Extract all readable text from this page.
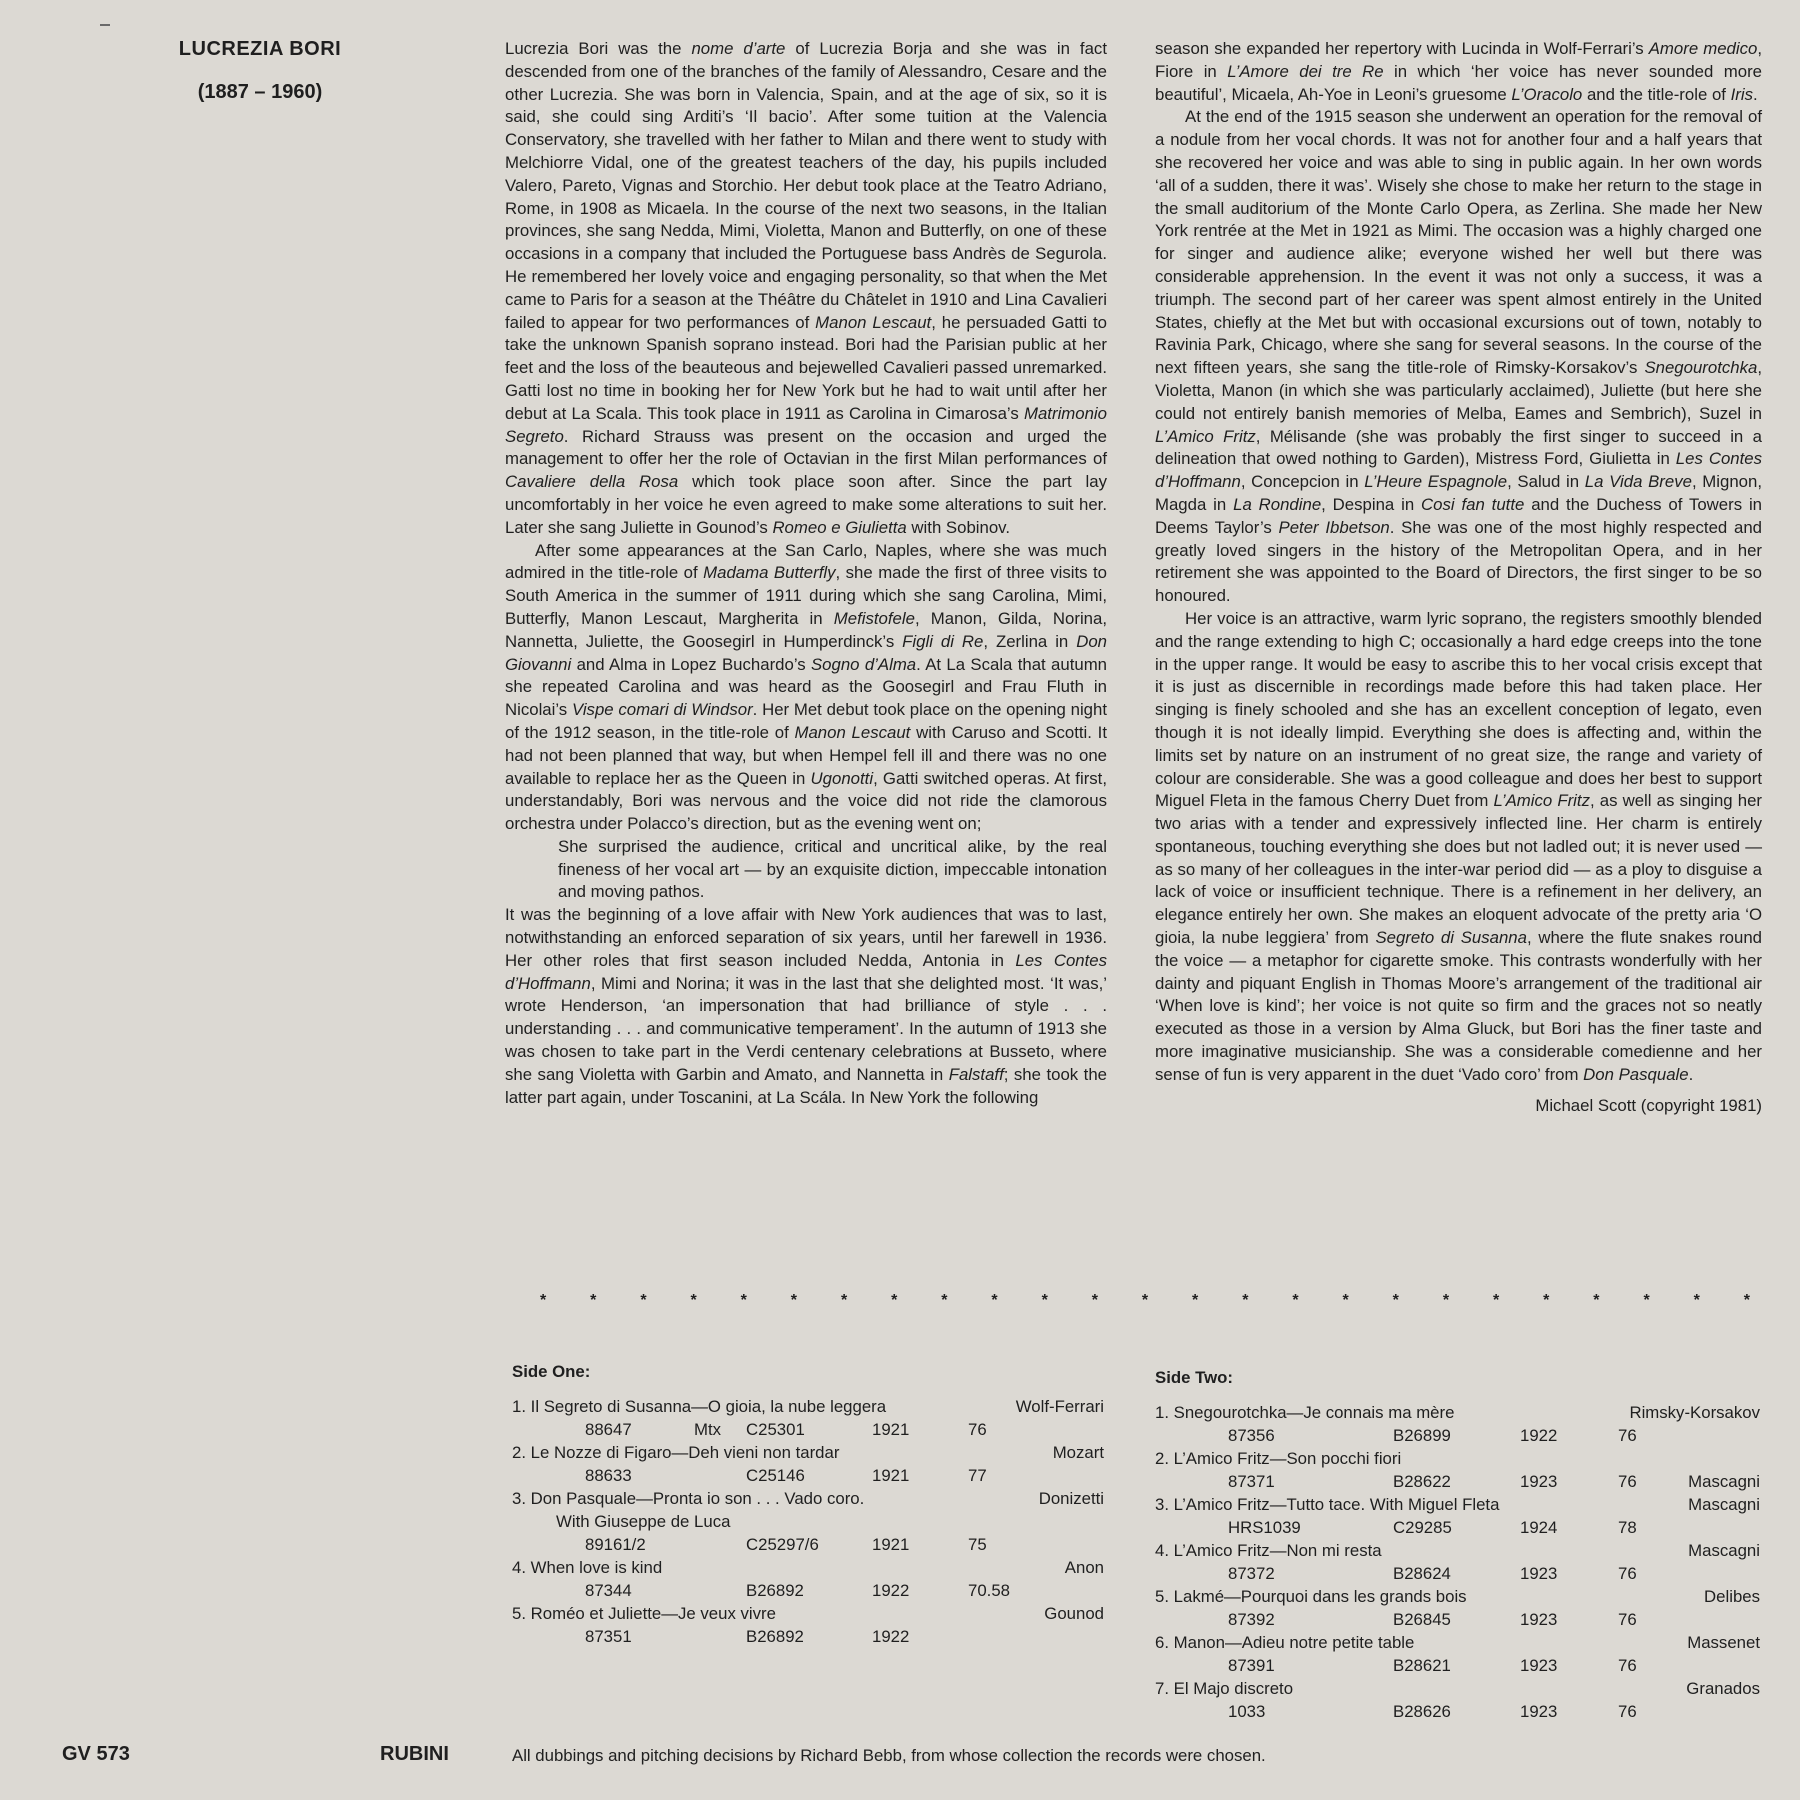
LUCREZIA BORI
(1887 – 1960)

Lucrezia Bori was the nome d’arte of Lucrezia Borja and she was in fact descended from one of the branches of the family of Alessandro, Cesare and the other Lucrezia. She was born in Valencia, Spain, and at the age of six, so it is said, she could sing Arditi’s ‘Il bacio’. After some tuition at the Valencia Conservatory, she travelled with her father to Milan and there went to study with Melchiorre Vidal, one of the greatest teachers of the day, his pupils included Valero, Pareto, Vignas and Storchio. Her debut took place at the Teatro Adriano, Rome, in 1908 as Micaela. In the course of the next two seasons, in the Italian provinces, she sang Nedda, Mimi, Violetta, Manon and Butterfly, on one of these occasions in a company that included the Portuguese bass Andrès de Segurola. He remembered her lovely voice and engaging personality, so that when the Met came to Paris for a season at the Théâtre du Châtelet in 1910 and Lina Cavalieri failed to appear for two performances of Manon Lescaut, he persuaded Gatti to take the unknown Spanish soprano instead. Bori had the Parisian public at her feet and the loss of the beauteous and bejewelled Cavalieri passed unremarked. Gatti lost no time in booking her for New York but he had to wait until after her debut at La Scala. This took place in 1911 as Carolina in Cimarosa’s Matrimonio Segreto. Richard Strauss was present on the occasion and urged the management to offer her the role of Octavian in the first Milan performances of Cavaliere della Rosa which took place soon after. Since the part lay uncomfortably in her voice he even agreed to make some alterations to suit her. Later she sang Juliette in Gounod’s Romeo e Giulietta with Sobinov.

After some appearances at the San Carlo, Naples, where she was much admired in the title-role of Madama Butterfly, she made the first of three visits to South America in the summer of 1911 during which she sang Carolina, Mimi, Butterfly, Manon Lescaut, Margherita in Mefistofele, Manon, Gilda, Norina, Nannetta, Juliette, the Goosegirl in Humperdinck’s Figli di Re, Zerlina in Don Giovanni and Alma in Lopez Buchardo’s Sogno d’Alma. At La Scala that autumn she repeated Carolina and was heard as the Goosegirl and Frau Fluth in Nicolai’s Vispe comari di Windsor. Her Met debut took place on the opening night of the 1912 season, in the title-role of Manon Lescaut with Caruso and Scotti. It had not been planned that way, but when Hempel fell ill and there was no one available to replace her as the Queen in Ugonotti, Gatti switched operas. At first, understandably, Bori was nervous and the voice did not ride the clamorous orchestra under Polacco’s direction, but as the evening went on;

She surprised the audience, critical and uncritical alike, by the real fineness of her vocal art — by an exquisite diction, impeccable intonation and moving pathos.

It was the beginning of a love affair with New York audiences that was to last, notwithstanding an enforced separation of six years, until her farewell in 1936. Her other roles that first season included Nedda, Antonia in Les Contes d’Hoffmann, Mimi and Norina; it was in the last that she delighted most. ‘It was,’ wrote Henderson, ‘an impersonation that had brilliance of style . . . understanding . . . and communicative temperament’. In the autumn of 1913 she was chosen to take part in the Verdi centenary celebrations at Busseto, where she sang Violetta with Garbin and Amato, and Nannetta in Falstaff; she took the latter part again, under Toscanini, at La Scála. In New York the following

season she expanded her repertory with Lucinda in Wolf-Ferrari’s Amore medico, Fiore in L’Amore dei tre Re in which ‘her voice has never sounded more beautiful’, Micaela, Ah-Yoe in Leoni’s gruesome L’Oracolo and the title-role of Iris.

At the end of the 1915 season she underwent an operation for the removal of a nodule from her vocal chords. It was not for another four and a half years that she recovered her voice and was able to sing in public again. In her own words ‘all of a sudden, there it was’. Wisely she chose to make her return to the stage in the small auditorium of the Monte Carlo Opera, as Zerlina. She made her New York rentrée at the Met in 1921 as Mimi. The occasion was a highly charged one for singer and audience alike; everyone wished her well but there was considerable apprehension. In the event it was not only a success, it was a triumph. The second part of her career was spent almost entirely in the United States, chiefly at the Met but with occasional excursions out of town, notably to Ravinia Park, Chicago, where she sang for several seasons. In the course of the next fifteen years, she sang the title-role of Rimsky-Korsakov’s Snegourotchka, Violetta, Manon (in which she was particularly acclaimed), Juliette (but here she could not entirely banish memories of Melba, Eames and Sembrich), Suzel in L’Amico Fritz, Mélisande (she was probably the first singer to succeed in a delineation that owed nothing to Garden), Mistress Ford, Giulietta in Les Contes d’Hoffmann, Concepcion in L’Heure Espagnole, Salud in La Vida Breve, Mignon, Magda in La Rondine, Despina in Cosi fan tutte and the Duchess of Towers in Deems Taylor’s Peter Ibbetson. She was one of the most highly respected and greatly loved singers in the history of the Metropolitan Opera, and in her retirement she was appointed to the Board of Directors, the first singer to be so honoured.

Her voice is an attractive, warm lyric soprano, the registers smoothly blended and the range extending to high C; occasionally a hard edge creeps into the tone in the upper range. It would be easy to ascribe this to her vocal crisis except that it is just as discernible in recordings made before this had taken place. Her singing is finely schooled and she has an excellent conception of legato, even though it is not ideally limpid. Everything she does is affecting and, within the limits set by nature on an instrument of no great size, the range and variety of colour are considerable. She was a good colleague and does her best to support Miguel Fleta in the famous Cherry Duet from L’Amico Fritz, as well as singing her two arias with a tender and expressively inflected line. Her charm is entirely spontaneous, touching everything she does but not ladled out; it is never used — as so many of her colleagues in the inter-war period did — as a ploy to disguise a lack of voice or insufficient technique. There is a refinement in her delivery, an elegance entirely her own. She makes an eloquent advocate of the pretty aria ‘O gioia, la nube leggiera’ from Segreto di Susanna, where the flute snakes round the voice — a metaphor for cigarette smoke. This contrasts wonderfully with her dainty and piquant English in Thomas Moore’s arrangement of the traditional air ‘When love is kind’; her voice is not quite so firm and the graces not so neatly executed as those in a version by Alma Gluck, but Bori has the finer taste and more imaginative musicianship. She was a considerable comedienne and her sense of fun is very apparent in the duet ‘Vado coro’ from Don Pasquale.

Michael Scott (copyright 1981)
*	*	*	*	*	*	*	*	*	*	*	*	*	*	*	*	*	*	*	*	*	*	*	*	*
Side One:
1. Il Segreto di Susanna—O gioia, la nube leggera	Wolf-Ferrari
88647	Mtx C25301	1921	76
2. Le Nozze di Figaro—Deh vieni non tardar	Mozart
88633	C25146	1921	77
3. Don Pasquale—Pronta io son . . . Vado coro.	Donizetti
With Giuseppe de Luca
89161/2	C25297/6	1921	75
4. When love is kind	Anon
87344	B26892	1922	70.58
5. Roméo et Juliette—Je veux vivre	Gounod
87351	B26892	1922
Side Two:
1. Snegourotchka—Je connais ma mère	Rimsky-Korsakov
87356	B26899	1922	76
2. L’Amico Fritz—Son pocchi fiori
Mascagni
87371	B28622	1923	76
3. L’Amico Fritz—Tutto tace. With Miguel Fleta	Mascagni
HRS1039	C29285	1924	78
4. L’Amico Fritz—Non mi resta	Mascagni
87372	B28624	1923	76
5. Lakmé—Pourquoi dans les grands bois	Delibes
87392	B26845	1923	76
6. Manon—Adieu notre petite table	Massenet
87391	B28621	1923	76
7. El Majo discreto	Granados
1033	B28626	1923	76
GV 573	RUBINI	All dubbings and pitching decisions by Richard Bebb, from whose collection the records were chosen.
